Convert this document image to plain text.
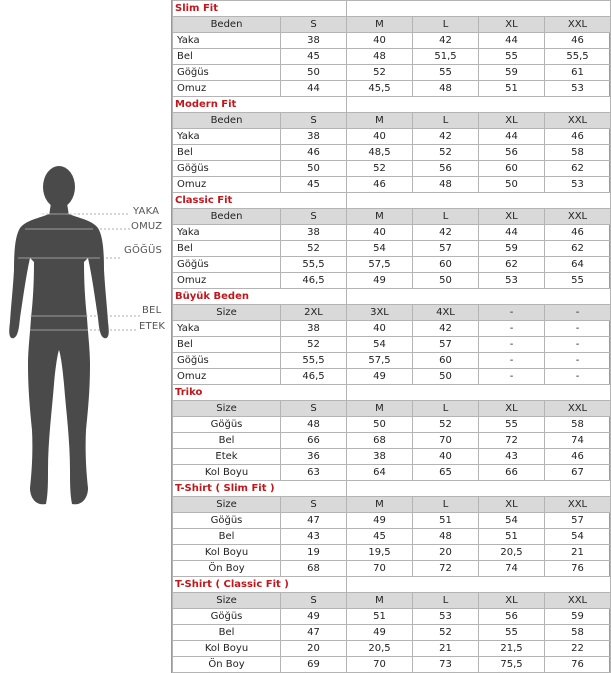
YAKA
OMUZ
GÖĞÜS
BEL
ETEK
Slim Fit					
Beden	S	M	L	XL	XXL
Yaka	38	40	42	44	46
Bel	45	48	51,5	55	55,5
Göğüs	50	52	55	59	61
Omuz	44	45,5	48	51	53
Modern Fit					
Beden	S	M	L	XL	XXL
Yaka	38	40	42	44	46
Bel	46	48,5	52	56	58
Göğüs	50	52	56	60	62
Omuz	45	46	48	50	53
Classic Fit					
Beden	S	M	L	XL	XXL
Yaka	38	40	42	44	46
Bel	52	54	57	59	62
Göğüs	55,5	57,5	60	62	64
Omuz	46,5	49	50	53	55
Büyük Beden					
Size	2XL	3XL	4XL	-	-
Yaka	38	40	42	-	-
Bel	52	54	57	-	-
Göğüs	55,5	57,5	60	-	-
Omuz	46,5	49	50	-	-
Triko					
Size	S	M	L	XL	XXL
Göğüs	48	50	52	55	58
Bel	66	68	70	72	74
Etek	36	38	40	43	46
Kol Boyu	63	64	65	66	67
T-Shirt ( Slim Fit )					
Size	S	M	L	XL	XXL
Göğüs	47	49	51	54	57
Bel	43	45	48	51	54
Kol Boyu	19	19,5	20	20,5	21
Ön Boy	68	70	72	74	76
T-Shirt ( Classic Fit )					
Size	S	M	L	XL	XXL
Göğüs	49	51	53	56	59
Bel	47	49	52	55	58
Kol Boyu	20	20,5	21	21,5	22
Ön Boy	69	70	73	75,5	76
